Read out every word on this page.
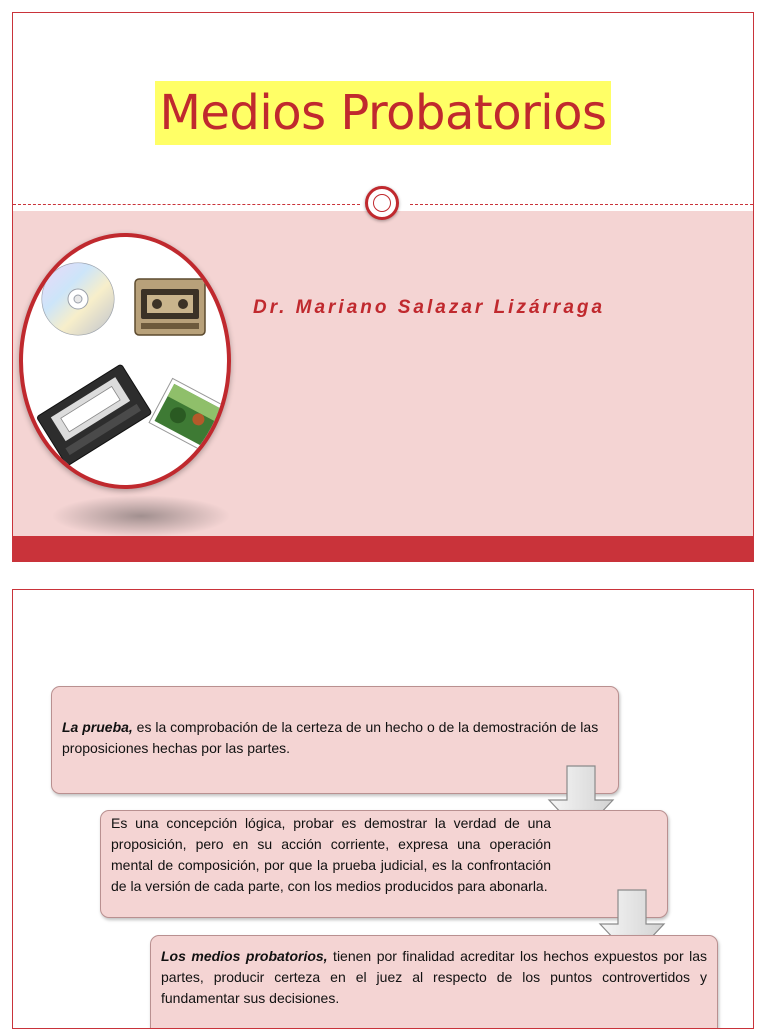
Medios Probatorios
Dr. Mariano Salazar Lizárraga
La prueba, es la comprobación de la certeza de un hecho o de la demostración de las proposiciones hechas por las partes.
Es una concepción lógica, probar es demostrar la verdad de una proposición, pero en su acción corriente, expresa una operación mental de composición, por que la prueba judicial, es la confrontación de la versión de cada parte, con los medios producidos para abonarla.
Los medios probatorios, tienen por finalidad acreditar los hechos expuestos por las partes, producir certeza en el juez al respecto de los puntos controvertidos y fundamentar sus decisiones.
